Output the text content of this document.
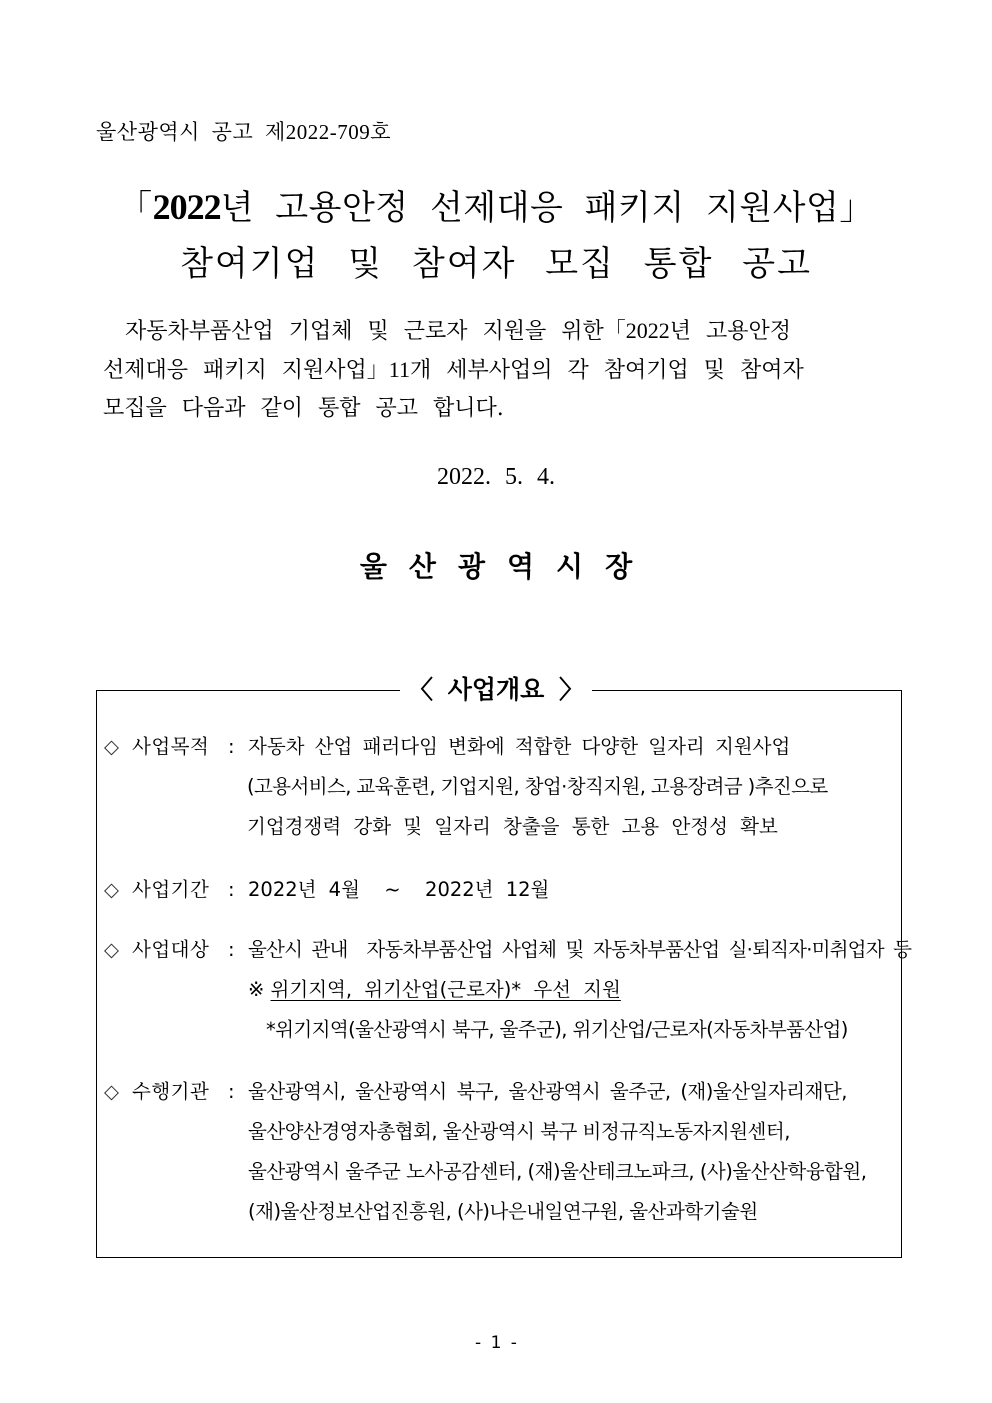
울산광역시 공고 제2022-709호
「2022년 고용안정 선제대응 패키지 지원사업」
참여기업 및 참여자 모집 통합 공고
자동차부품산업 기업체 및 근로자 지원을 위한「2022년 고용안정
선제대응 패키지 지원사업」11개 세부사업의 각 참여기업 및 참여자
모집을 다음과 같이 통합 공고 합니다.
2022. 5. 4.
울산광역시장
〈 사업개요 〉
◇ 사업목적 : 자동차 산업 패러다임 변화에 적합한 다양한 일자리 지원사업
(고용서비스, 교육훈련, 기업지원, 창업·창직지원, 고용장려금 )추진으로
기업경쟁력 강화 및 일자리 창출을 통한 고용 안정성 확보
◇ 사업기간 : 2022년 4월  ~  2022년 12월
◇ 사업대상 : 울산시 관내  자동차부품산업 사업체 및 자동차부품산업 실·퇴직자·미취업자 등
※ 위기지역, 위기산업(근로자)* 우선 지원
*위기지역(울산광역시 북구, 울주군), 위기산업/근로자(자동차부품산업)
◇ 수행기관 : 울산광역시, 울산광역시 북구, 울산광역시 울주군, (재)울산일자리재단,
울산양산경영자총협회, 울산광역시 북구 비정규직노동자지원센터,
울산광역시 울주군 노사공감센터, (재)울산테크노파크, (사)울산산학융합원,
(재)울산정보산업진흥원, (사)나은내일연구원, 울산과학기술원
- 1 -
